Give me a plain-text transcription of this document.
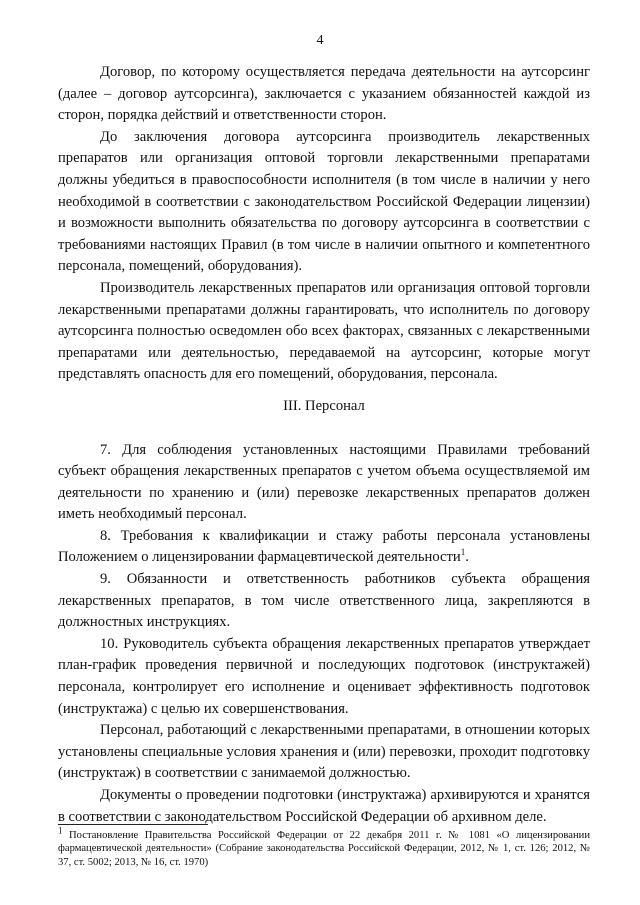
4

Договор, по которому осуществляется передача деятельности на аутсорсинг (далее – договор аутсорсинга), заключается с указанием обязанностей каждой из сторон, порядка действий и ответственности сторон.

До заключения договора аутсорсинга производитель лекарственных препаратов или организация оптовой торговли лекарственными препаратами должны убедиться в правоспособности исполнителя (в том числе в наличии у него необходимой в соответствии с законодательством Российской Федерации лицензии) и возможности выполнить обязательства по договору аутсорсинга в соответствии с требованиями настоящих Правил (в том числе в наличии опытного и компетентного персонала, помещений, оборудования).

Производитель лекарственных препаратов или организация оптовой торговли лекарственными препаратами должны гарантировать, что исполнитель по договору аутсорсинга полностью осведомлен обо всех факторах, связанных с лекарственными препаратами или деятельностью, передаваемой на аутсорсинг, которые могут представлять опасность для его помещений, оборудования, персонала.

III. Персонал

7. Для соблюдения установленных настоящими Правилами требований субъект обращения лекарственных препаратов с учетом объема осуществляемой им деятельности по хранению и (или) перевозке лекарственных препаратов должен иметь необходимый персонал.

8. Требования к квалификации и стажу работы персонала установлены Положением о лицензировании фармацевтической деятельности$^1$.

9. Обязанности и ответственность работников субъекта обращения лекарственных препаратов, в том числе ответственного лица, закрепляются в должностных инструкциях.

10. Руководитель субъекта обращения лекарственных препаратов утверждает план-график проведения первичной и последующих подготовок (инструктажей) персонала, контролирует его исполнение и оценивает эффективность подготовок (инструктажа) с целью их совершенствования.

Персонал, работающий с лекарственными препаратами, в отношении которых установлены специальные условия хранения и (или) перевозки, проходит подготовку (инструктаж) в соответствии с занимаемой должностью.

Документы о проведении подготовки (инструктажа) архивируются и хранятся в соответствии с законодательством Российской Федерации об архивном деле.

$^1$ Постановление Правительства Российской Федерации от 22 декабря 2011 г. № 1081 «О лицензировании фармацевтической деятельности» (Собрание законодательства Российской Федерации, 2012, № 1, ст. 126; 2012, № 37, ст. 5002; 2013, № 16, ст. 1970)
